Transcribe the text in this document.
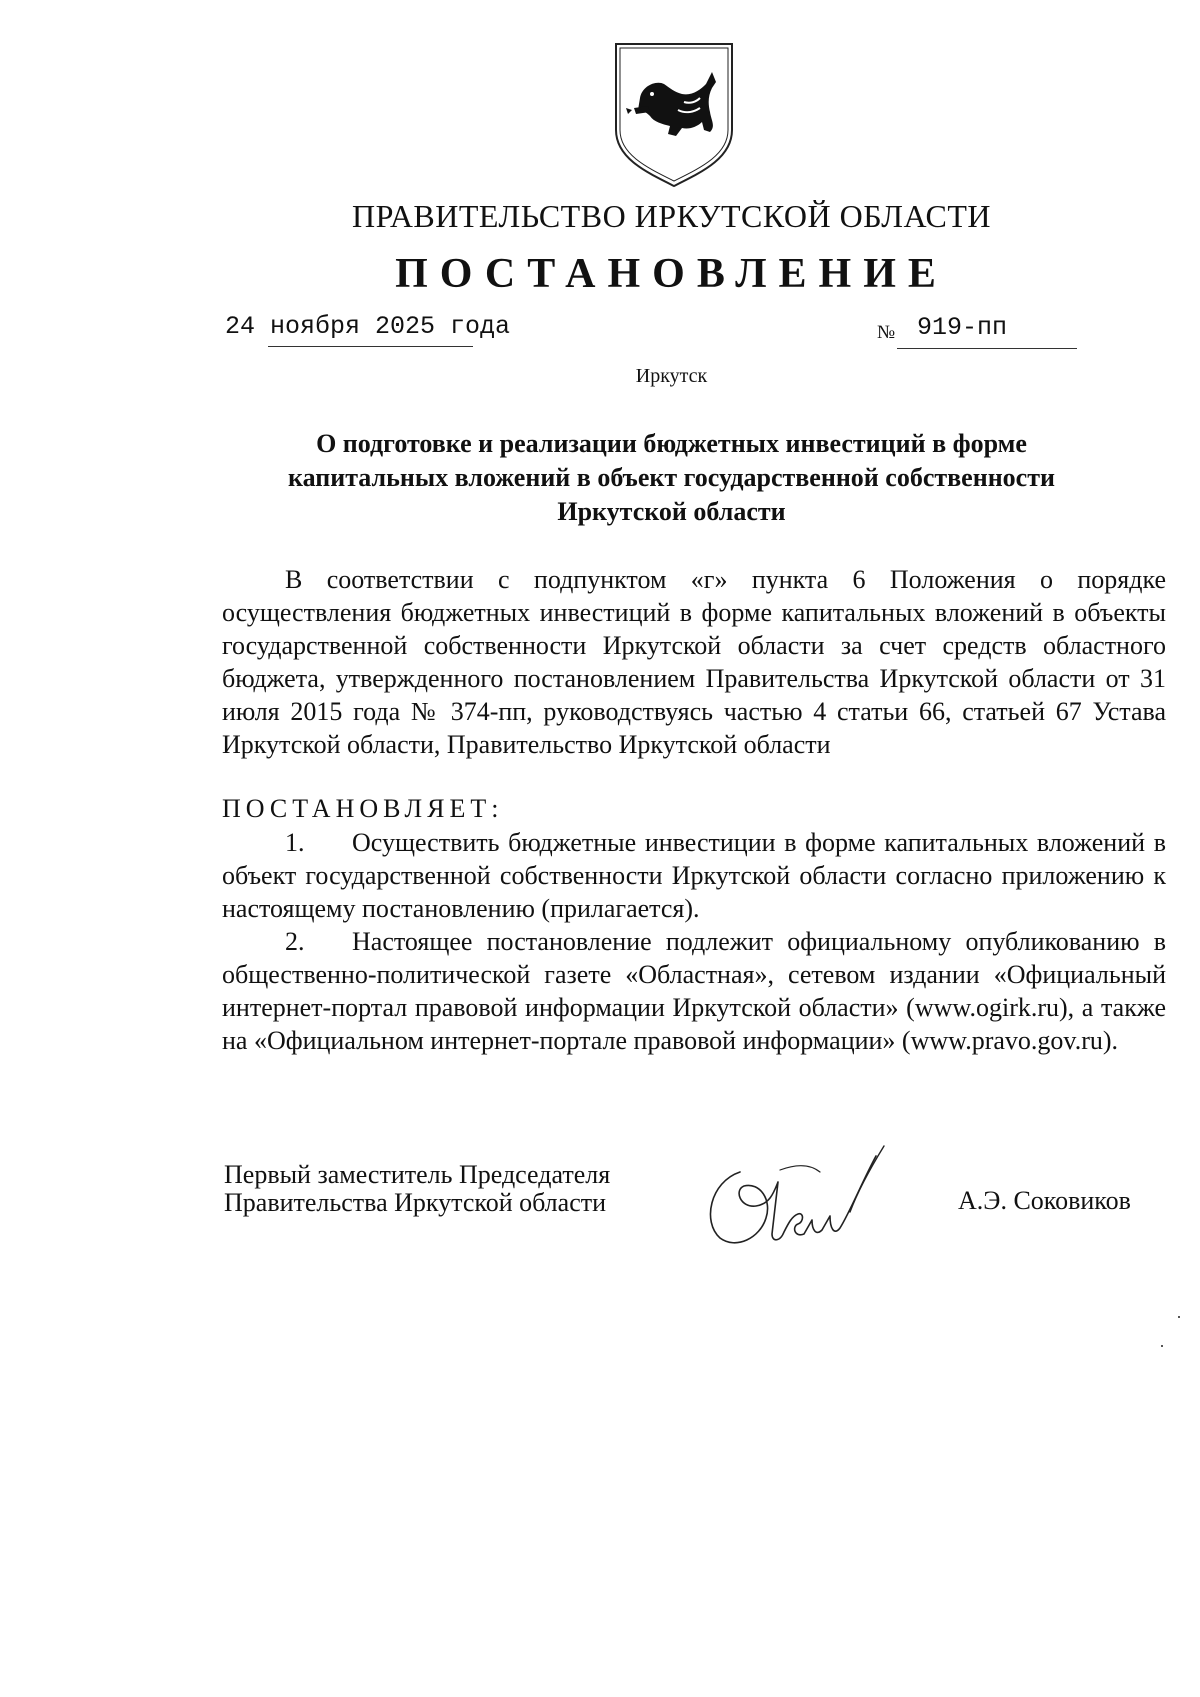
ПРАВИТЕЛЬСТВО ИРКУТСКОЙ ОБЛАСТИ
ПОСТАНОВЛЕНИЕ
24 ноября 2025 года	№ 919-пп
Иркутск
О подготовке и реализации бюджетных инвестиций в форме
капитальных вложений в объект государственной собственности
Иркутской области
В соответствии с подпунктом «г» пункта 6 Положения о порядке осуществления бюджетных инвестиций в форме капитальных вложений в объекты государственной собственности Иркутской области за счет средств областного бюджета, утвержденного постановлением Правительства Иркутской области от 31 июля 2015 года № 374-пп, руководствуясь частью 4 статьи 66, статьей 67 Устава Иркутской области, Правительство Иркутской области
ПОСТАНОВЛЯЕТ:
1. Осуществить бюджетные инвестиции в форме капитальных вложений в объект государственной собственности Иркутской области согласно приложению к настоящему постановлению (прилагается).
2. Настоящее постановление подлежит официальному опубликованию в общественно-политической газете «Областная», сетевом издании «Официальный интернет-портал правовой информации Иркутской области» (www.ogirk.ru), а также на «Официальном интернет-портале правовой информации» (www.pravo.gov.ru).
Первый заместитель Председателя
Правительства Иркутской области	А.Э. Соковиков
